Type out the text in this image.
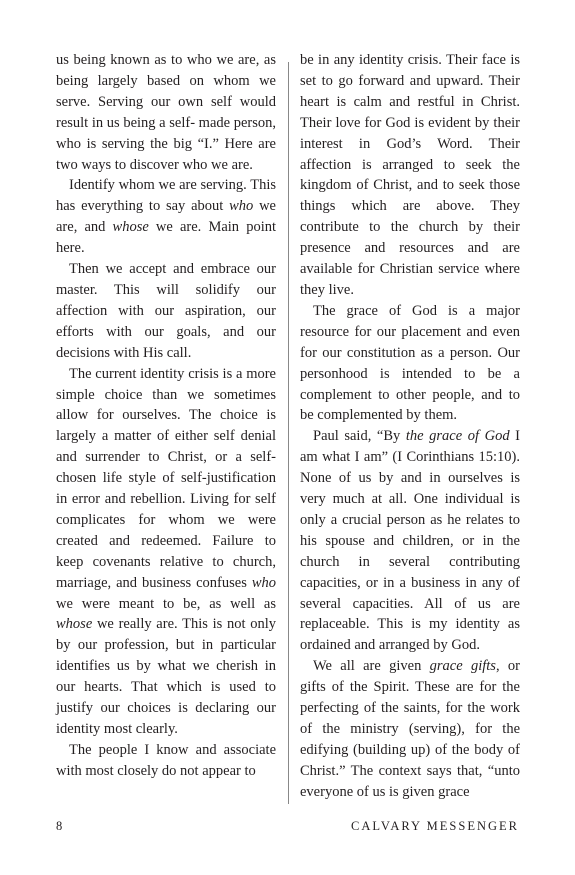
us being known as to who we are, as being largely based on whom we serve. Serving our own self would result in us being a self- made person, who is serving the big “I.” Here are two ways to discover who we are.

Identify whom we are serving. This has everything to say about who we are, and whose we are. Main point here.

Then we accept and embrace our master. This will solidify our affection with our aspiration, our efforts with our goals, and our decisions with His call.

The current identity crisis is a more simple choice than we sometimes allow for ourselves. The choice is largely a matter of either self denial and surrender to Christ, or a self-chosen life style of self-justification in error and rebellion. Living for self complicates for whom we were created and redeemed. Failure to keep covenants relative to church, marriage, and business confuses who we were meant to be, as well as whose we really are. This is not only by our profession, but in particular identifies us by what we cherish in our hearts. That which is used to justify our choices is declaring our identity most clearly.

The people I know and associate with most closely do not appear to

be in any identity crisis. Their face is set to go forward and upward. Their heart is calm and restful in Christ. Their love for God is evident by their interest in God’s Word. Their affection is arranged to seek the kingdom of Christ, and to seek those things which are above. They contribute to the church by their presence and resources and are available for Christian service where they live.

The grace of God is a major resource for our placement and even for our constitution as a person. Our personhood is intended to be a complement to other people, and to be complemented by them.

Paul said, “By the grace of God I am what I am” (I Corinthians 15:10). None of us by and in ourselves is very much at all. One individual is only a crucial person as he relates to his spouse and children, or in the church in several contributing capacities, or in a business in any of several capacities. All of us are replaceable. This is my identity as ordained and arranged by God.

We all are given grace gifts, or gifts of the Spirit. These are for the perfecting of the saints, for the work of the ministry (serving), for the edifying (building up) of the body of Christ.” The context says that, “unto everyone of us is given grace

8	CALVARY MESSENGER
